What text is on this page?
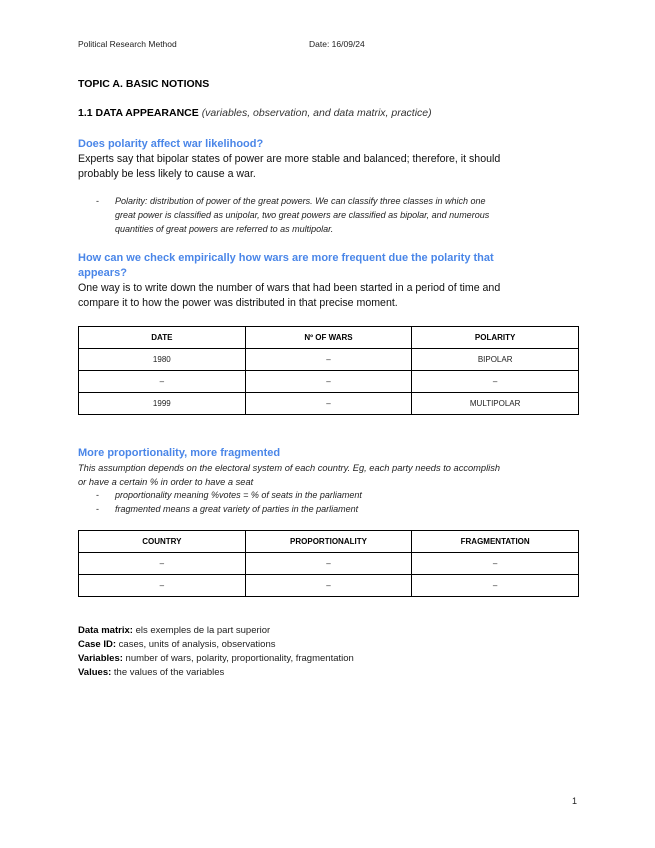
Political Research Method	Date: 16/09/24
TOPIC A. BASIC NOTIONS
1.1 DATA APPEARANCE (variables, observation, and data matrix, practice)
Does polarity affect war likelihood?
Experts say that bipolar states of power are more stable and balanced; therefore, it should
probably be less likely to cause a war.
- Polarity: distribution of power of the great powers. We can classify three classes in which one
great power is classified as unipolar, two great powers are classified as bipolar, and numerous
quantities of great powers are referred to as multipolar.
How can we check empirically how wars are more frequent due the polarity that
appears?
One way is to write down the number of wars that had been started in a period of time and
compare it to how the power was distributed in that precise moment.
DATE	Nº OF WARS	POLARITY
1980	–	BIPOLAR
–	–	–
1999	–	MULTIPOLAR
More proportionality, more fragmented
This assumption depends on the electoral system of each country. Eg, each party needs to accomplish
or have a certain % in order to have a seat
- proportionality meaning %votes = % of seats in the parliament
- fragmented means a great variety of parties in the parliament
COUNTRY	PROPORTIONALITY	FRAGMENTATION
–	–	–
–	–	–
Data matrix: els exemples de la part superior
Case ID: cases, units of analysis, observations
Variables: number of wars, polarity, proportionality, fragmentation
Values: the values of the variables
1
